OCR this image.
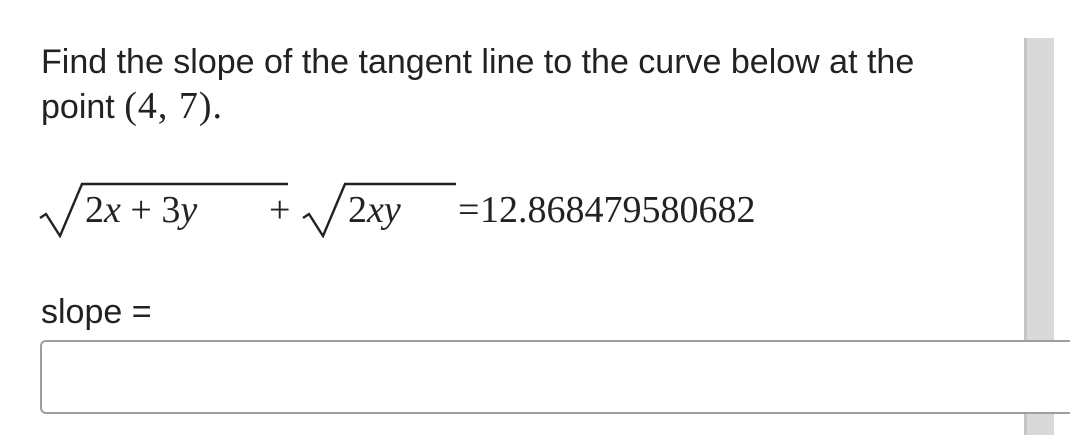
Find the slope of the tangent line to the curve below at the
point (4, 7).
2x + 3y + 2xy = 12.868479580682
slope =
